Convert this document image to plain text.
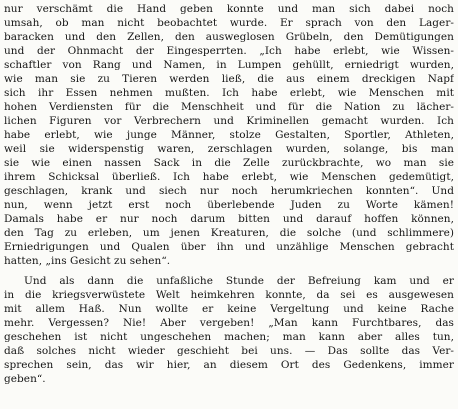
nur verschämt die Hand geben konnte und man sich dabei noch
umsah, ob man nicht beobachtet wurde. Er sprach von den Lager-
baracken und den Zellen, den ausweglosen Grübeln, den Demütigungen
und der Ohnmacht der Eingesperrten. „Ich habe erlebt, wie Wissen-
schaftler von Rang und Namen, in Lumpen gehüllt, erniedrigt wurden,
wie man sie zu Tieren werden ließ, die aus einem dreckigen Napf
sich ihr Essen nehmen mußten. Ich habe erlebt, wie Menschen mit
hohen Verdiensten für die Menschheit und für die Nation zu lächer-
lichen Figuren vor Verbrechern und Kriminellen gemacht wurden. Ich
habe erlebt, wie junge Männer, stolze Gestalten, Sportler, Athleten,
weil sie widerspenstig waren, zerschlagen wurden, solange, bis man
sie wie einen nassen Sack in die Zelle zurückbrachte, wo man sie
ihrem Schicksal überließ. Ich habe erlebt, wie Menschen gedemütigt,
geschlagen, krank und siech nur noch herumkriechen konnten“. Und
nun, wenn jetzt erst noch überlebende Juden zu Worte kämen!
Damals habe er nur noch darum bitten und darauf hoffen können,
den Tag zu erleben, um jenen Kreaturen, die solche (und schlimmere)
Erniedrigungen und Qualen über ihn und unzählige Menschen gebracht
hatten, „ins Gesicht zu sehen“.

Und als dann die unfaßliche Stunde der Befreiung kam und er
in die kriegsverwüstete Welt heimkehren konnte, da sei es ausgewesen
mit allem Haß. Nun wollte er keine Vergeltung und keine Rache
mehr. Vergessen? Nie! Aber vergeben! „Man kann Furchtbares, das
geschehen ist nicht ungeschehen machen; man kann aber alles tun,
daß solches nicht wieder geschieht bei uns. — Das sollte das Ver-
sprechen sein, das wir hier, an diesem Ort des Gedenkens, immer
geben“.
